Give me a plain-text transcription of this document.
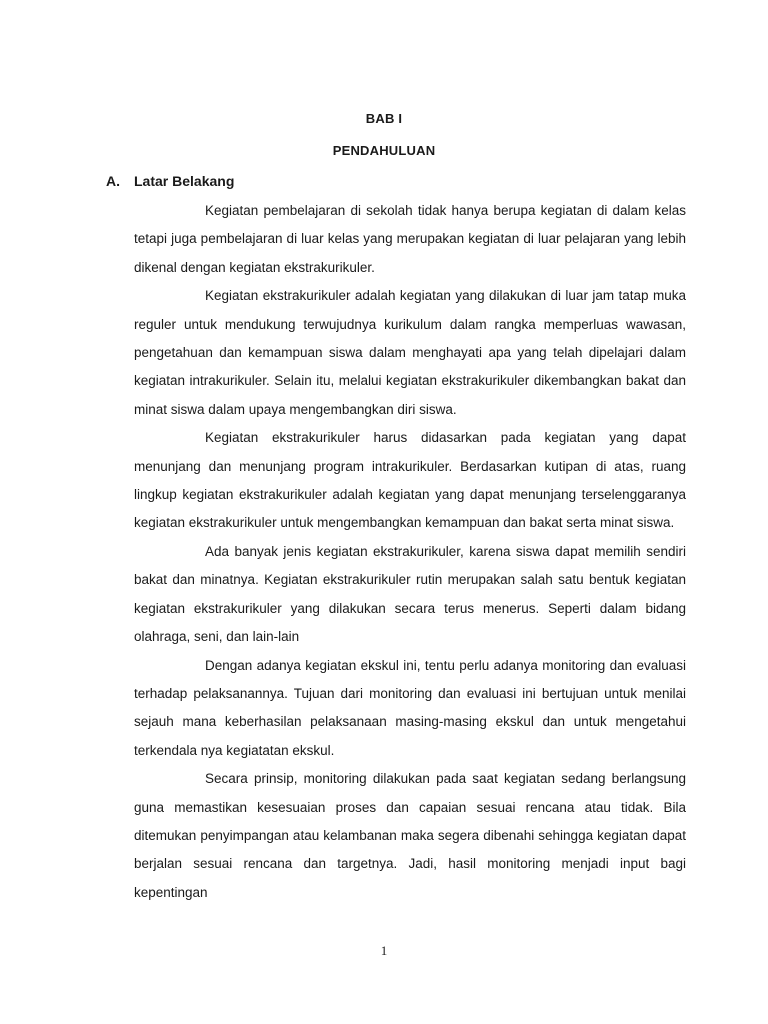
BAB I
PENDAHULUAN
A. Latar Belakang

Kegiatan pembelajaran di sekolah tidak hanya berupa kegiatan di dalam kelas tetapi juga pembelajaran di luar kelas yang merupakan kegiatan di luar pelajaran yang lebih dikenal dengan kegiatan ekstrakurikuler.

Kegiatan ekstrakurikuler adalah kegiatan yang dilakukan di luar jam tatap muka reguler untuk mendukung terwujudnya kurikulum dalam rangka memperluas wawasan, pengetahuan dan kemampuan siswa dalam menghayati apa yang telah dipelajari dalam kegiatan intrakurikuler. Selain itu, melalui kegiatan ekstrakurikuler dikembangkan bakat dan minat siswa dalam upaya mengembangkan diri siswa.

Kegiatan ekstrakurikuler harus didasarkan pada kegiatan yang dapat menunjang dan menunjang program intrakurikuler. Berdasarkan kutipan di atas, ruang lingkup kegiatan ekstrakurikuler adalah kegiatan yang dapat menunjang terselenggaranya kegiatan ekstrakurikuler untuk mengembangkan kemampuan dan bakat serta minat siswa.

Ada banyak jenis kegiatan ekstrakurikuler, karena siswa dapat memilih sendiri bakat dan minatnya. Kegiatan ekstrakurikuler rutin merupakan salah satu bentuk kegiatan kegiatan ekstrakurikuler yang dilakukan secara terus menerus. Seperti dalam bidang olahraga, seni, dan lain-lain

Dengan adanya kegiatan ekskul ini, tentu perlu adanya monitoring dan evaluasi terhadap pelaksanannya. Tujuan dari monitoring dan evaluasi ini bertujuan untuk menilai sejauh mana keberhasilan pelaksanaan masing-masing ekskul dan untuk mengetahui terkendala nya kegiatatan ekskul.

Secara prinsip, monitoring dilakukan pada saat kegiatan sedang berlangsung guna memastikan kesesuaian proses dan capaian sesuai rencana atau tidak. Bila ditemukan penyimpangan atau kelambanan maka segera dibenahi sehingga kegiatan dapat berjalan sesuai rencana dan targetnya. Jadi, hasil monitoring menjadi input bagi kepentingan

1
